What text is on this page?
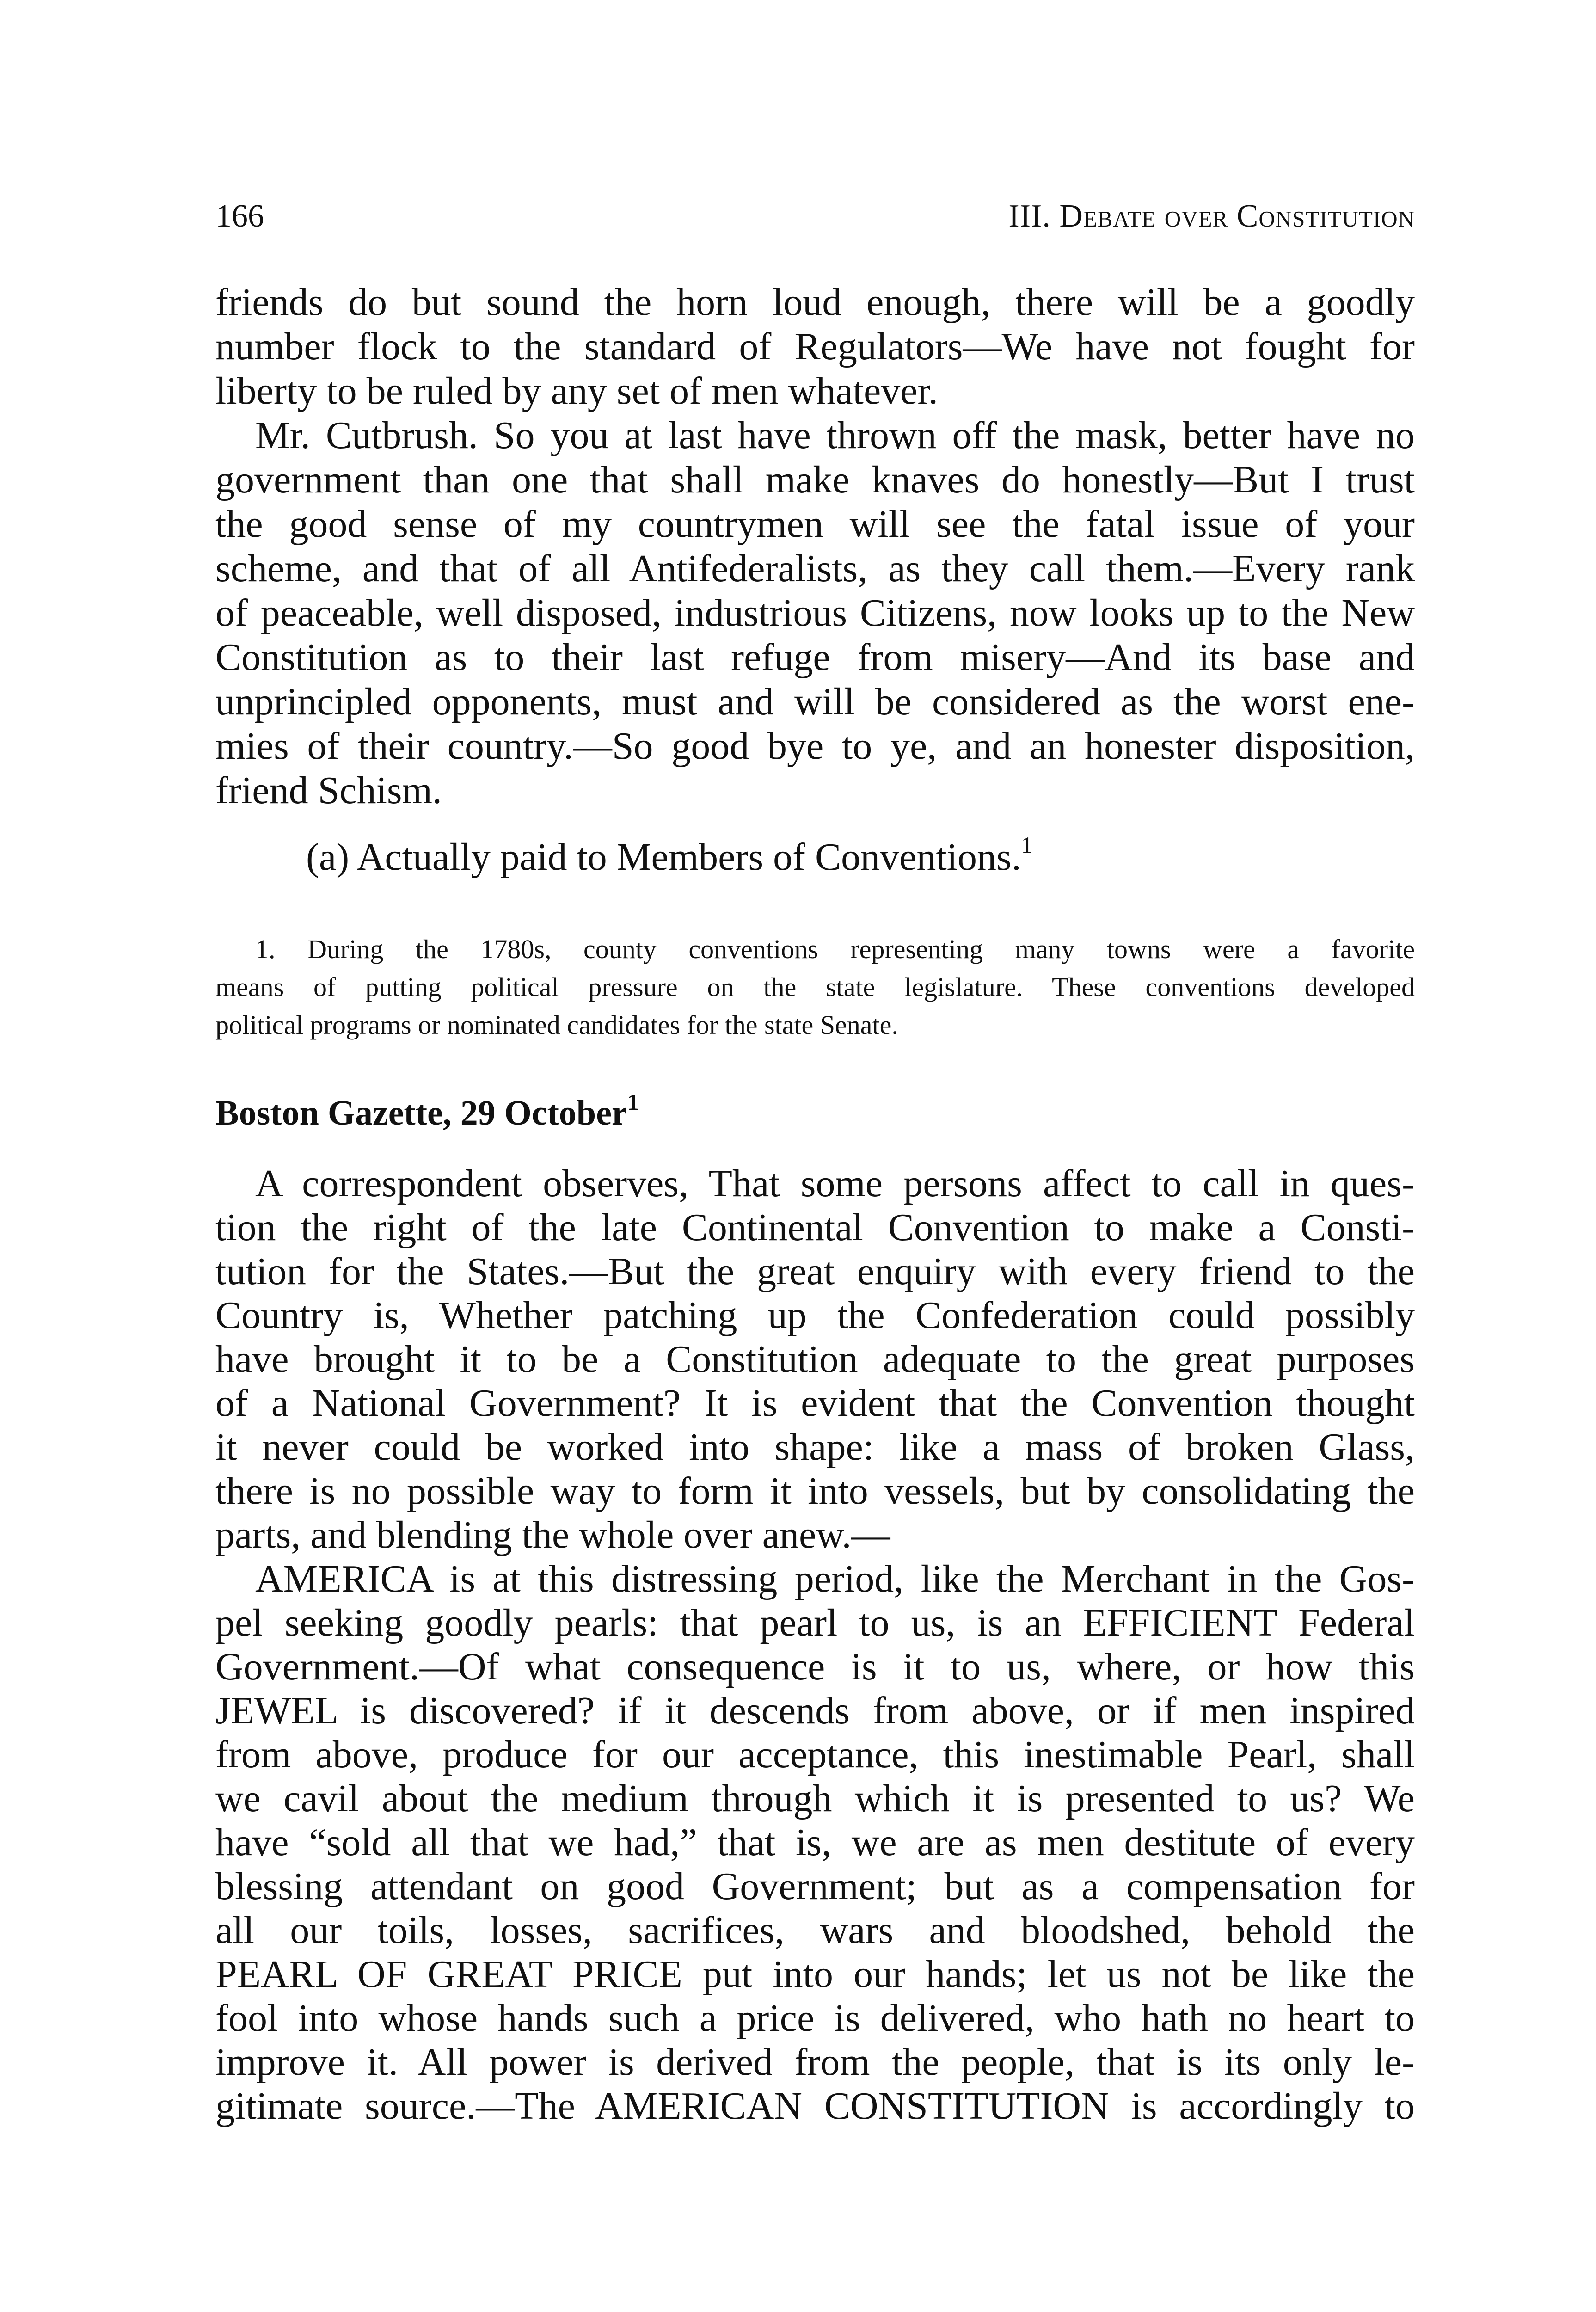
166	III. Debate over Constitution
friends do but sound the horn loud enough, there will be a goodly
number flock to the standard of Regulators—We have not fought for
liberty to be ruled by any set of men whatever.
Mr. Cutbrush. So you at last have thrown off the mask, better have no
government than one that shall make knaves do honestly—But I trust
the good sense of my countrymen will see the fatal issue of your
scheme, and that of all Antifederalists, as they call them.—Every rank
of peaceable, well disposed, industrious Citizens, now looks up to the New
Constitution as to their last refuge from misery—And its base and
unprincipled opponents, must and will be considered as the worst ene-
mies of their country.—So good bye to ye, and an honester disposition,
friend Schism.
(a) Actually paid to Members of Conventions.$^1$
1. During the 1780s, county conventions representing many towns were a favorite
means of putting political pressure on the state legislature. These conventions developed
political programs or nominated candidates for the state Senate.
Boston Gazette, 29 October$^1$
A correspondent observes, That some persons affect to call in ques-
tion the right of the late Continental Convention to make a Consti-
tution for the States.—But the great enquiry with every friend to the
Country is, Whether patching up the Confederation could possibly
have brought it to be a Constitution adequate to the great purposes
of a National Government? It is evident that the Convention thought
it never could be worked into shape: like a mass of broken Glass,
there is no possible way to form it into vessels, but by consolidating the
parts, and blending the whole over anew.—
AMERICA is at this distressing period, like the Merchant in the Gos-
pel seeking goodly pearls: that pearl to us, is an EFFICIENT Federal
Government.—Of what consequence is it to us, where, or how this
JEWEL is discovered? if it descends from above, or if men inspired
from above, produce for our acceptance, this inestimable Pearl, shall
we cavil about the medium through which it is presented to us? We
have “sold all that we had,” that is, we are as men destitute of every
blessing attendant on good Government; but as a compensation for
all our toils, losses, sacrifices, wars and bloodshed, behold the
PEARL OF GREAT PRICE put into our hands; let us not be like the
fool into whose hands such a price is delivered, who hath no heart to
improve it. All power is derived from the people, that is its only le-
gitimate source.—The AMERICAN CONSTITUTION is accordingly to
